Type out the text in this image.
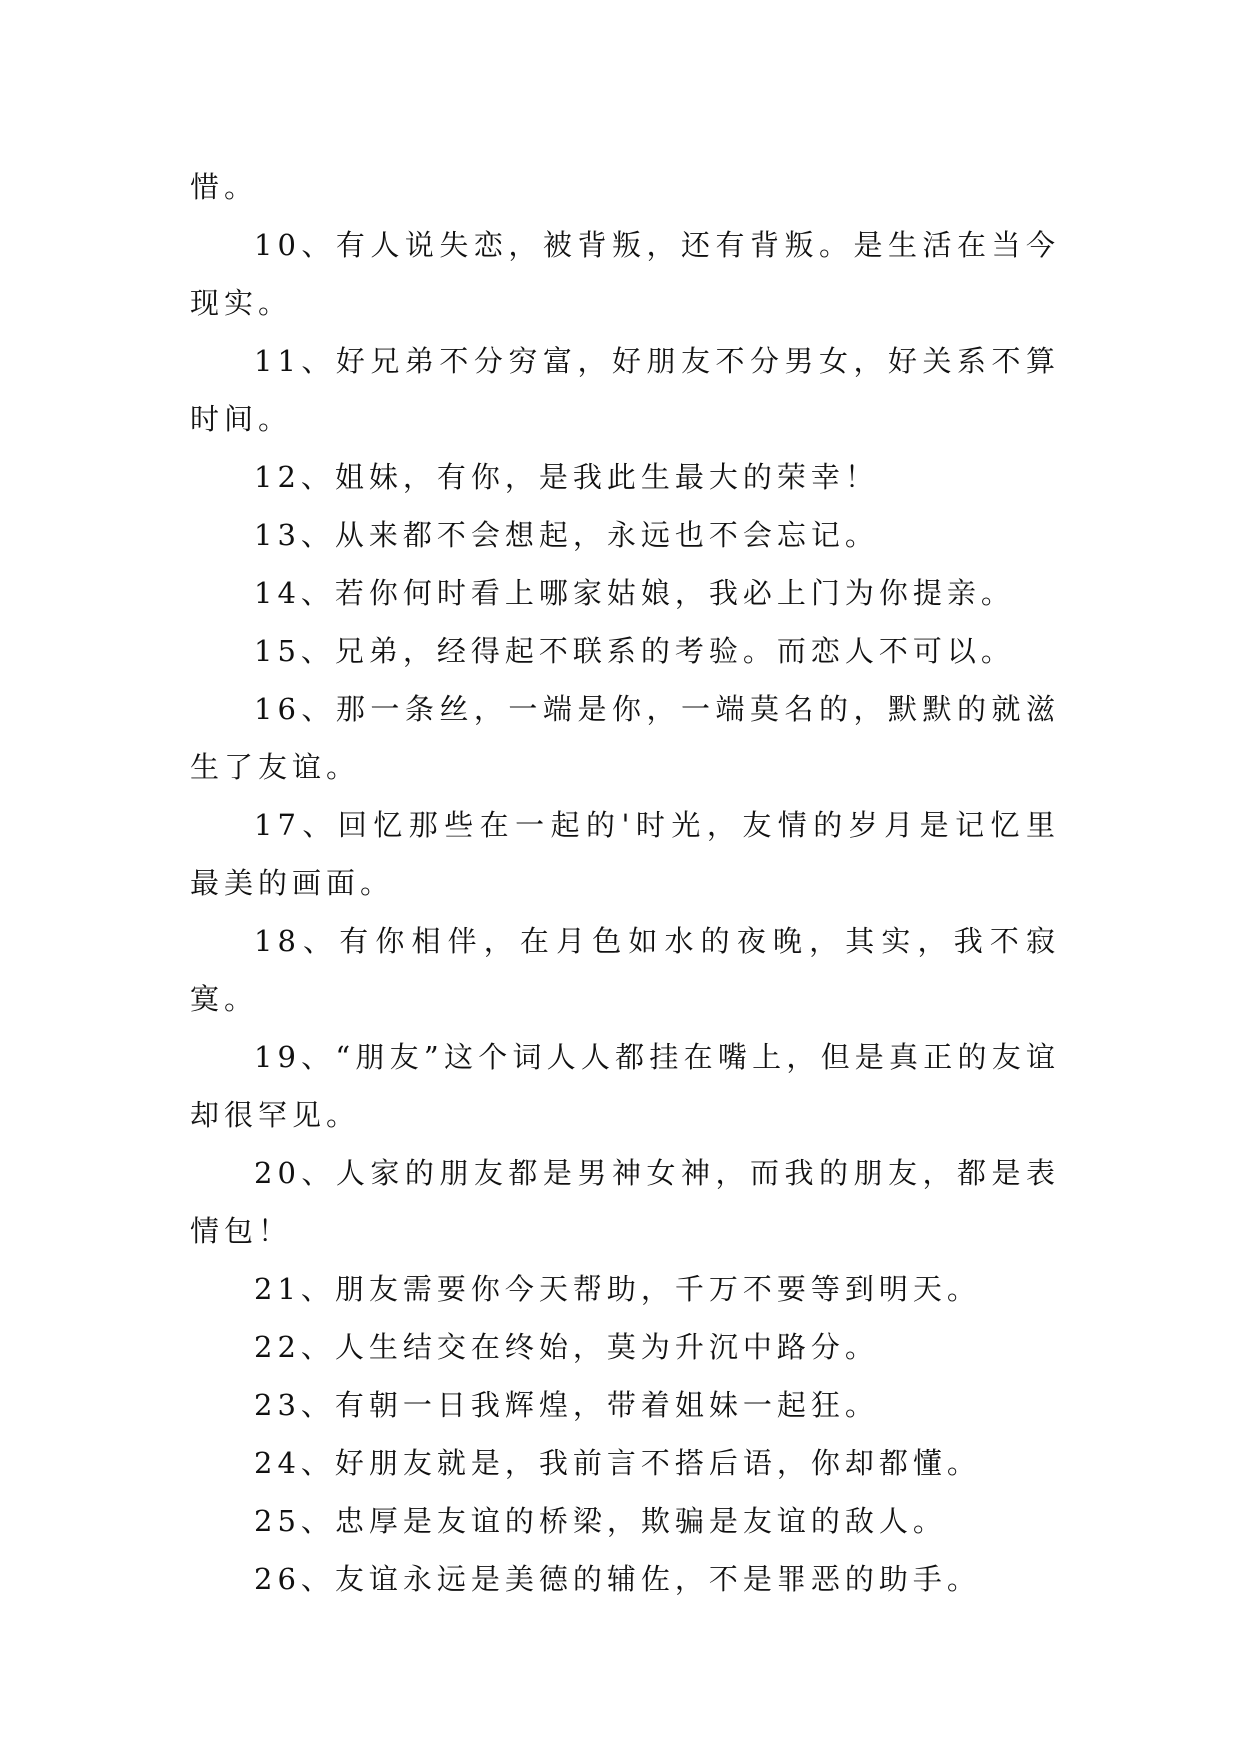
惜。

10、有人说失恋，被背叛，还有背叛。是生活在当今现实。

11、好兄弟不分穷富，好朋友不分男女，好关系不算时间。

12、姐妹，有你，是我此生最大的荣幸！

13、从来都不会想起，永远也不会忘记。

14、若你何时看上哪家姑娘，我必上门为你提亲。

15、兄弟，经得起不联系的考验。而恋人不可以。

16、那一条丝，一端是你，一端莫名的，默默的就滋生了友谊。

17、回忆那些在一起的'时光，友情的岁月是记忆里最美的画面。

18、有你相伴，在月色如水的夜晚，其实，我不寂寞。

19、“朋友”这个词人人都挂在嘴上，但是真正的友谊却很罕见。

20、人家的朋友都是男神女神，而我的朋友，都是表情包！

21、朋友需要你今天帮助，千万不要等到明天。

22、人生结交在终始，莫为升沉中路分。

23、有朝一日我辉煌，带着姐妹一起狂。

24、好朋友就是，我前言不搭后语，你却都懂。

25、忠厚是友谊的桥梁，欺骗是友谊的敌人。

26、友谊永远是美德的辅佐，不是罪恶的助手。
